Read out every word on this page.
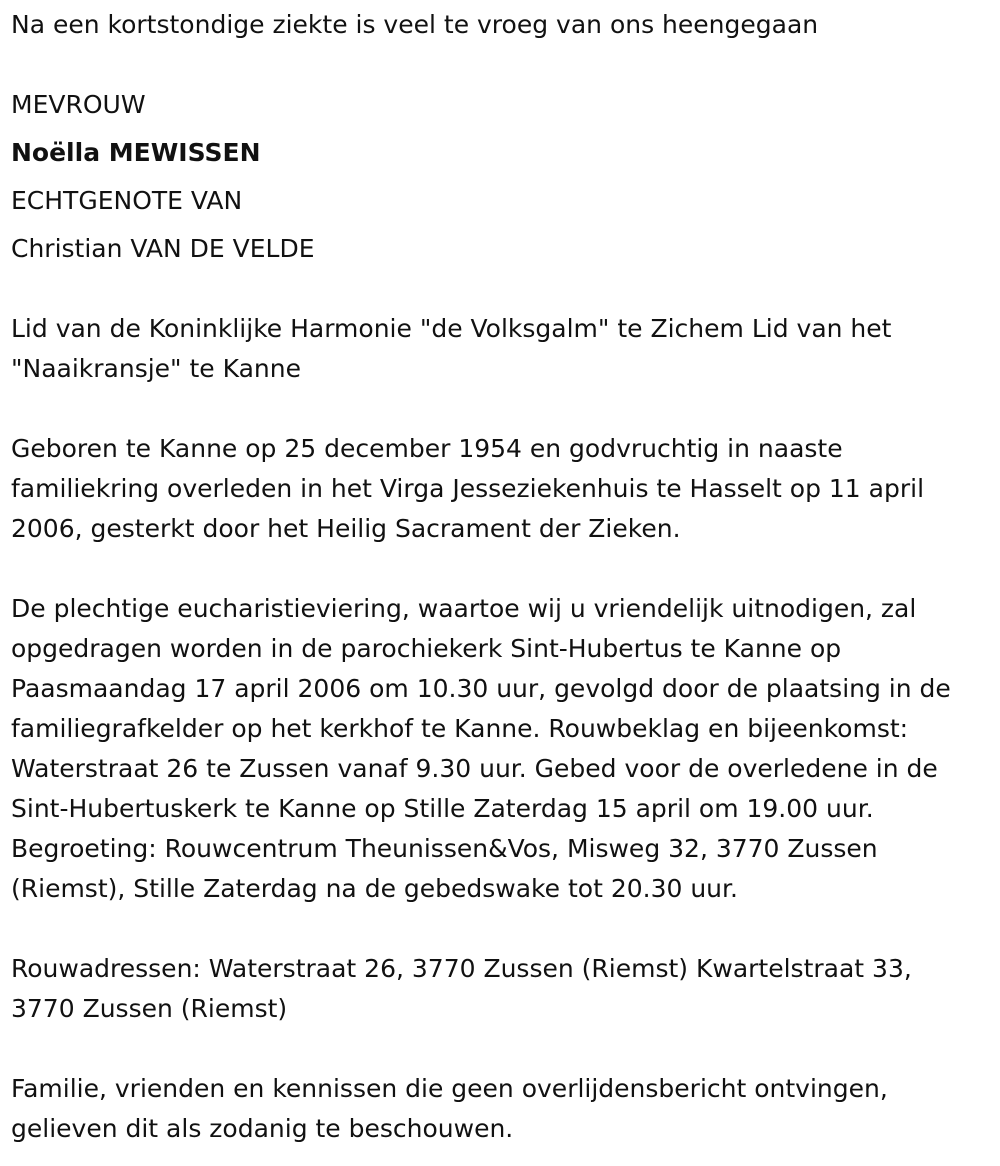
Na een kortstondige ziekte is veel te vroeg van ons heengegaan

MEVROUW

Noëlla MEWISSEN

ECHTGENOTE VAN

Christian VAN DE VELDE

Lid van de Koninklijke Harmonie "de Volksgalm" te Zichem Lid van het "Naaikransje" te Kanne

Geboren te Kanne op 25 december 1954 en godvruchtig in naaste familiekring overleden in het Virga Jesseziekenhuis te Hasselt op 11 april 2006, gesterkt door het Heilig Sacrament der Zieken.

De plechtige eucharistieviering, waartoe wij u vriendelijk uitnodigen, zal opgedragen worden in de parochiekerk Sint-Hubertus te Kanne op Paasmaandag 17 april 2006 om 10.30 uur, gevolgd door de plaatsing in de familiegrafkelder op het kerkhof te Kanne. Rouwbeklag en bijeenkomst: Waterstraat 26 te Zussen vanaf 9.30 uur. Gebed voor de overledene in de Sint-Hubertuskerk te Kanne op Stille Zaterdag 15 april om 19.00 uur. Begroeting: Rouwcentrum Theunissen&Vos, Misweg 32, 3770 Zussen (Riemst), Stille Zaterdag na de gebedswake tot 20.30 uur.

Rouwadressen: Waterstraat 26, 3770 Zussen (Riemst) Kwartelstraat 33, 3770 Zussen (Riemst)

Familie, vrienden en kennissen die geen overlijdensbericht ontvingen, gelieven dit als zodanig te beschouwen.
